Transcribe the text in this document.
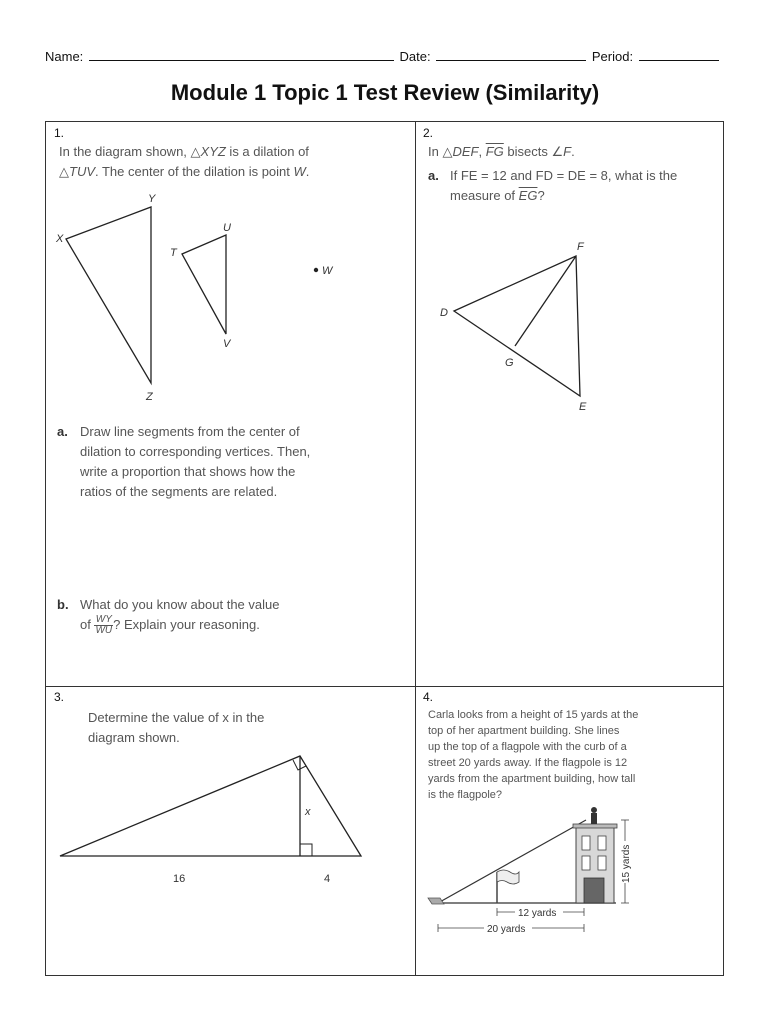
Name:	Date:	Period:
Module 1 Topic 1 Test Review (Similarity)
1.
In the diagram shown, △XYZ is a dilation of
△TUV. The center of the dilation is point W.
X
Y
Z
T
U
V
W
a. Draw line segments from the center of
dilation to corresponding vertices. Then,
write a proportion that shows how the
ratios of the segments are related.
b. What do you know about the value
of $\frac{WY}{WU}$ ? Explain your reasoning.
2.
In △DEF, $\overline{FG}$ bisects ∠F.
a. If FE = 12 and FD = DE = 8, what is the
measure of $\overline{EG}$?
D
F
E
G
3.
Determine the value of x in the
diagram shown.
x
16	4
4.
Carla looks from a height of 15 yards at the
top of her apartment building. She lines
up the top of a flagpole with the curb of a
street 20 yards away. If the flagpole is 12
yards from the apartment building, how tall
is the flagpole?
15 yards
12 yards
20 yards
